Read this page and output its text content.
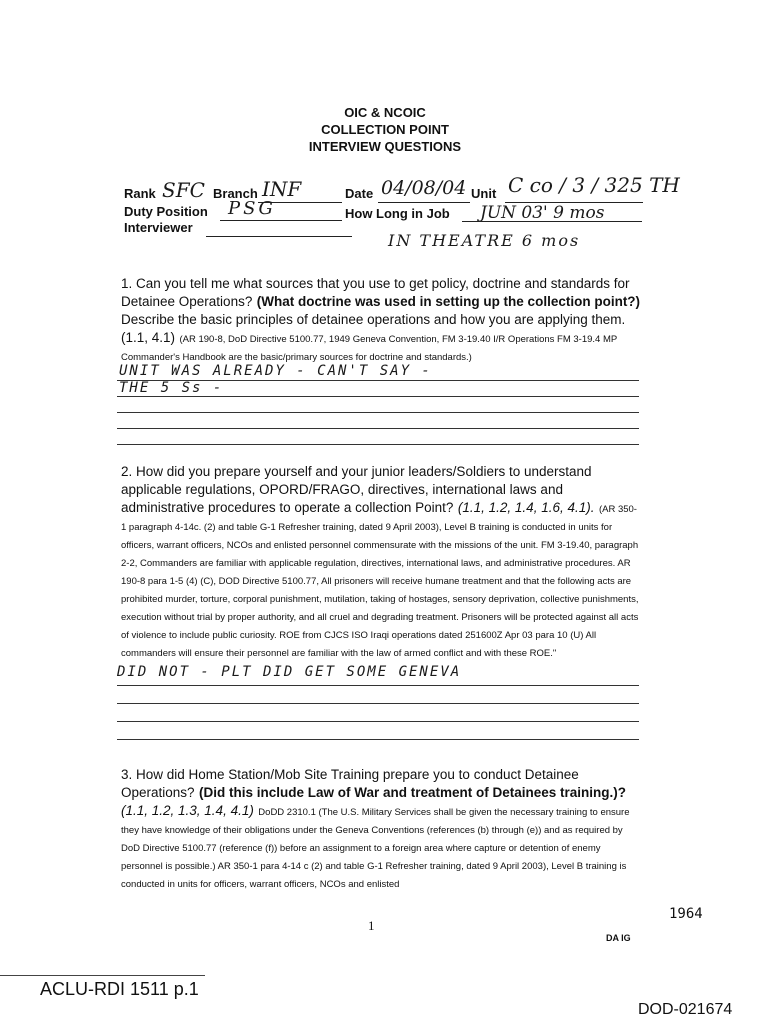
OIC & NCOIC
COLLECTION POINT
INTERVIEW QUESTIONS
Rank SFC Branch INF	Date 04/08/04 Unit C co / 3 / 325 TH
Duty Position PSG	How Long in Job JUN 03' 9 mos
Interviewer
IN THEATRE 6 mos
1. Can you tell me what sources that you use to get policy, doctrine and standards for Detainee Operations? (What doctrine was used in setting up the collection point?) Describe the basic principles of detainee operations and how you are applying them. (1.1, 4.1) (AR 190-8, DoD Directive 5100.77, 1949 Geneva Convention, FM 3-19.40 I/R Operations FM 3-19.4 MP Commander's Handbook are the basic/primary sources for doctrine and standards.)
UNIT WAS ALREADY - CAN'T SAY -
THE 5 Ss -
2. How did you prepare yourself and your junior leaders/Soldiers to understand applicable regulations, OPORD/FRAGO, directives, international laws and administrative procedures to operate a collection Point? (1.1, 1.2, 1.4, 1.6, 4.1). (AR 350-1 paragraph 4-14c. (2) and table G-1 Refresher training, dated 9 April 2003), Level B training is conducted in units for officers, warrant officers, NCOs and enlisted personnel commensurate with the missions of the unit. FM 3-19.40, paragraph 2-2, Commanders are familiar with applicable regulation, directives, international laws, and administrative procedures. AR 190-8 para 1-5 (4) (C), DOD Directive 5100.77, All prisoners will receive humane treatment and that the following acts are prohibited murder, torture, corporal punishment, mutilation, taking of hostages, sensory deprivation, collective punishments, execution without trial by proper authority, and all cruel and degrading treatment. Prisoners will be protected against all acts of violence to include public curiosity. ROE from CJCS ISO Iraqi operations dated 251600Z Apr 03 para 10 (U) All commanders will ensure their personnel are familiar with the law of armed conflict and with these ROE."
DID NOT - PLT DID GET SOME GENEVA
3. How did Home Station/Mob Site Training prepare you to conduct Detainee Operations? (Did this include Law of War and treatment of Detainees training.)? (1.1, 1.2, 1.3, 1.4, 4.1) DoDD 2310.1 (The U.S. Military Services shall be given the necessary training to ensure they have knowledge of their obligations under the Geneva Conventions (references (b) through (e)) and as required by DoD Directive 5100.77 (reference (f)) before an assignment to a foreign area where capture or detention of enemy personnel is possible.) AR 350-1 para 4-14 c (2) and table G-1 Refresher training, dated 9 April 2003), Level B training is conducted in units for officers, warrant officers, NCOs and enlisted
1
1964
DA IG
ACLU-RDI 1511 p.1
DOD-021674
